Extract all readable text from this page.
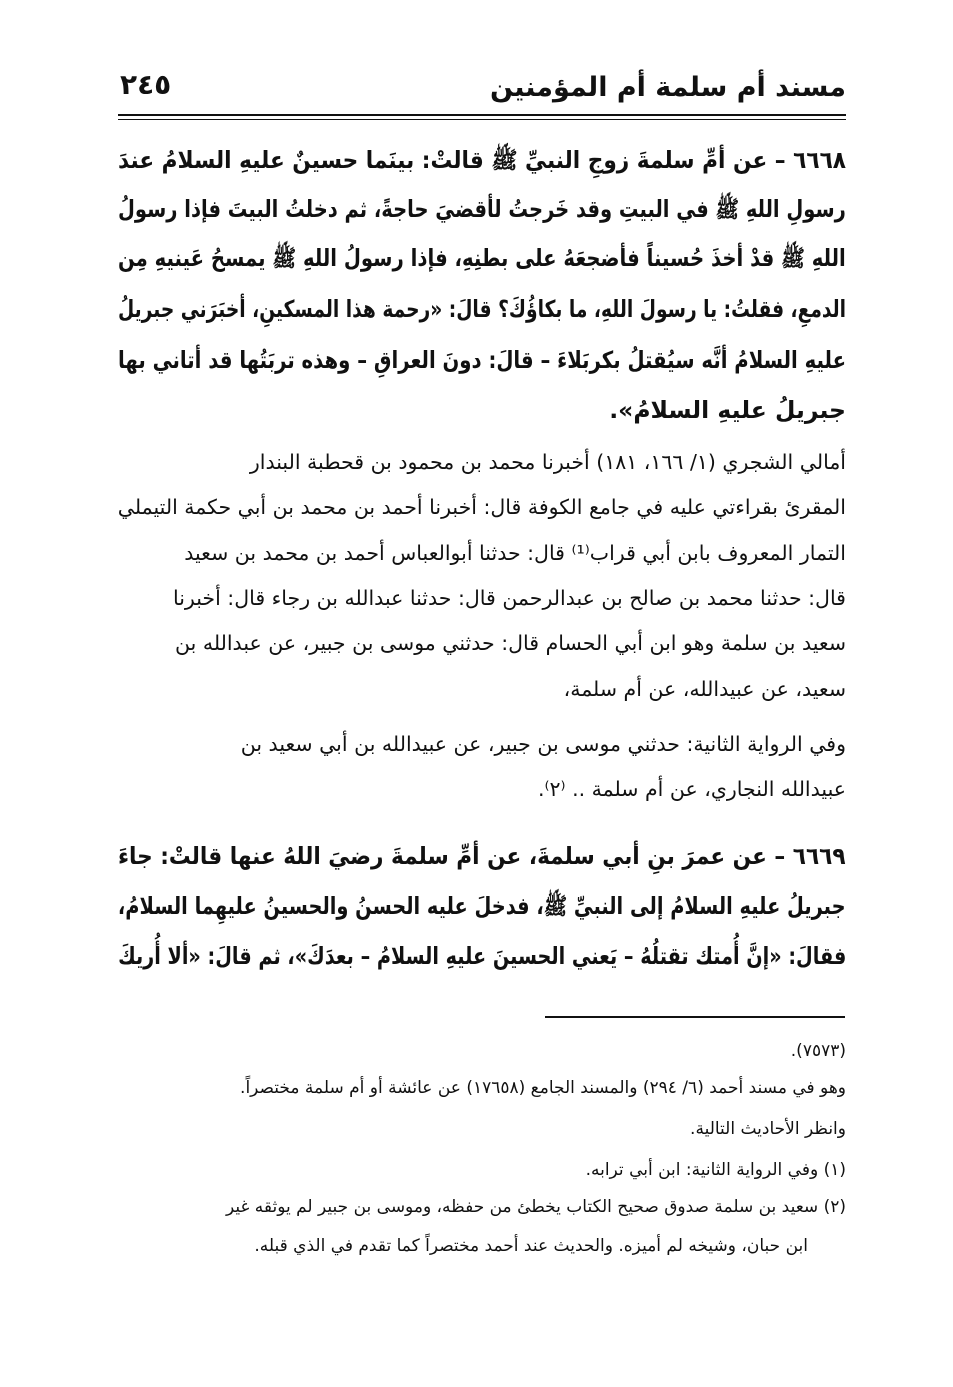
مسند أم سلمة أم المؤمنين
٢٤٥
٦٦٦٨ – عن أمِّ سلمةَ زوجِ النبيِّ ﷺ قالتْ: بينَما حسينٌ عليهِ السلامُ عندَ
رسولِ اللهِ ﷺ في البيتِ وقد خَرجتُ لأقضيَ حاجةً، ثم دخلتُ البيتَ فإذا رسولُ
اللهِ ﷺ قدْ أخذَ حُسيناً فأضجعَهُ على بطنِهِ، فإذا رسولُ اللهِ ﷺ يمسحُ عَينيهِ مِن
الدمعِ، فقلتُ: يا رسولَ اللهِ، ما بكاؤُكَ؟ قالَ: «رحمة هذا المسكينِ، أخبَرَني جبريلُ
عليهِ السلامُ أنَّه سيُقتلُ بكربَلاءَ – قالَ: دونَ العراقِ – وهذه تربَتُها قد أتاني بها
جبريلُ عليهِ السلامُ».
أمالي الشجري (١/ ١٦٦، ١٨١) أخبرنا محمد بن محمود بن قحطبة البندار
المقرئ بقراءتي عليه في جامع الكوفة قال: أخبرنا أحمد بن محمد بن أبي حكمة التيملي
التمار المعروف بابن أبي قراب⁽¹⁾ قال: حدثنا أبوالعباس أحمد بن محمد بن سعيد
قال: حدثنا محمد بن صالح بن عبدالرحمن قال: حدثنا عبدالله بن رجاء قال: أخبرنا
سعيد بن سلمة وهو ابن أبي الحسام قال: حدثني موسى بن جبير، عن عبدالله بن
سعيد، عن عبيدالله، عن أم سلمة،
وفي الرواية الثانية: حدثني موسى بن جبير، عن عبيدالله بن أبي سعيد بن
عبيدالله النجاري، عن أم سلمة .. ⁽٢⁾.
٦٦٦٩ – عن عمرَ بنِ أبي سلمةَ، عن أمِّ سلمةَ رضيَ اللهُ عنها قالتْ: جاءَ
جبريلُ عليهِ السلامُ إلى النبيِّ ﷺ، فدخلَ عليه الحسنُ والحسينُ عليهِما السلامُ،
فقالَ: «إنَّ أُمتك تقتلُهُ – يَعني الحسينَ عليهِ السلامُ – بعدَكَ»، ثم قالَ: «ألا أُريكَ
(٧٥٧٣).
وهو في مسند أحمد (٦/ ٢٩٤) والمسند الجامع (١٧٦٥٨) عن عائشة أو أم سلمة مختصراً.
وانظر الأحاديث التالية.
(١) وفي الرواية الثانية: ابن أبي ترابه.
(٢) سعيد بن سلمة صدوق صحيح الكتاب يخطئ من حفظه، وموسى بن جبير لم يوثقه غير
ابن حبان، وشيخه لم أميزه. والحديث عند أحمد مختصراً كما تقدم في الذي قبله.
